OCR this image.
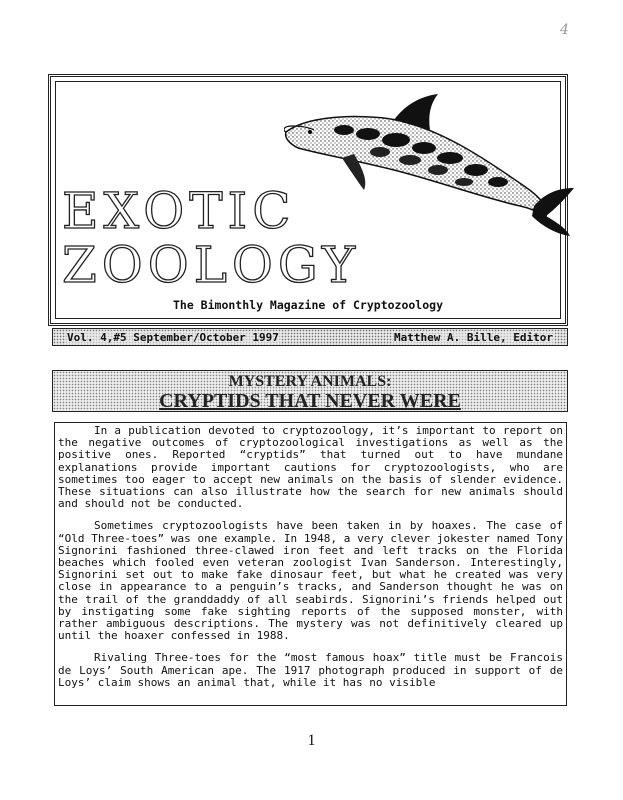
4
EXOTIC
ZOOLOGY
The Bimonthly Magazine of Cryptozoology
Vol. 4,#5 September/October 1997	Matthew A. Bille, Editor
MYSTERY ANIMALS:
CRYPTIDS THAT NEVER WERE

In a publication devoted to cryptozoology, it’s important to report on the negative outcomes of cryptozoological investigations as well as the positive ones. Reported “cryptids” that turned out to have mundane explanations provide important cautions for cryptozoologists, who are sometimes too eager to accept new animals on the basis of slender evidence. These situations can also illustrate how the search for new animals should and should not be conducted.

Sometimes cryptozoologists have been taken in by hoaxes. The case of “Old Three-toes” was one example. In 1948, a very clever jokester named Tony Signorini fashioned three-clawed iron feet and left tracks on the Florida beaches which fooled even veteran zoologist Ivan Sanderson. Interestingly, Signorini set out to make fake dinosaur feet, but what he created was very close in appearance to a penguin’s tracks, and Sanderson thought he was on the trail of the granddaddy of all seabirds. Signorini’s friends helped out by instigating some fake sighting reports of the supposed monster, with rather ambiguous descriptions. The mystery was not definitively cleared up until the hoaxer confessed in 1988.

Rivaling Three-toes for the “most famous hoax” title must be Francois de Loys’ South American ape. The 1917 photograph produced in support of de Loys’ claim shows an animal that, while it has no visible

1
